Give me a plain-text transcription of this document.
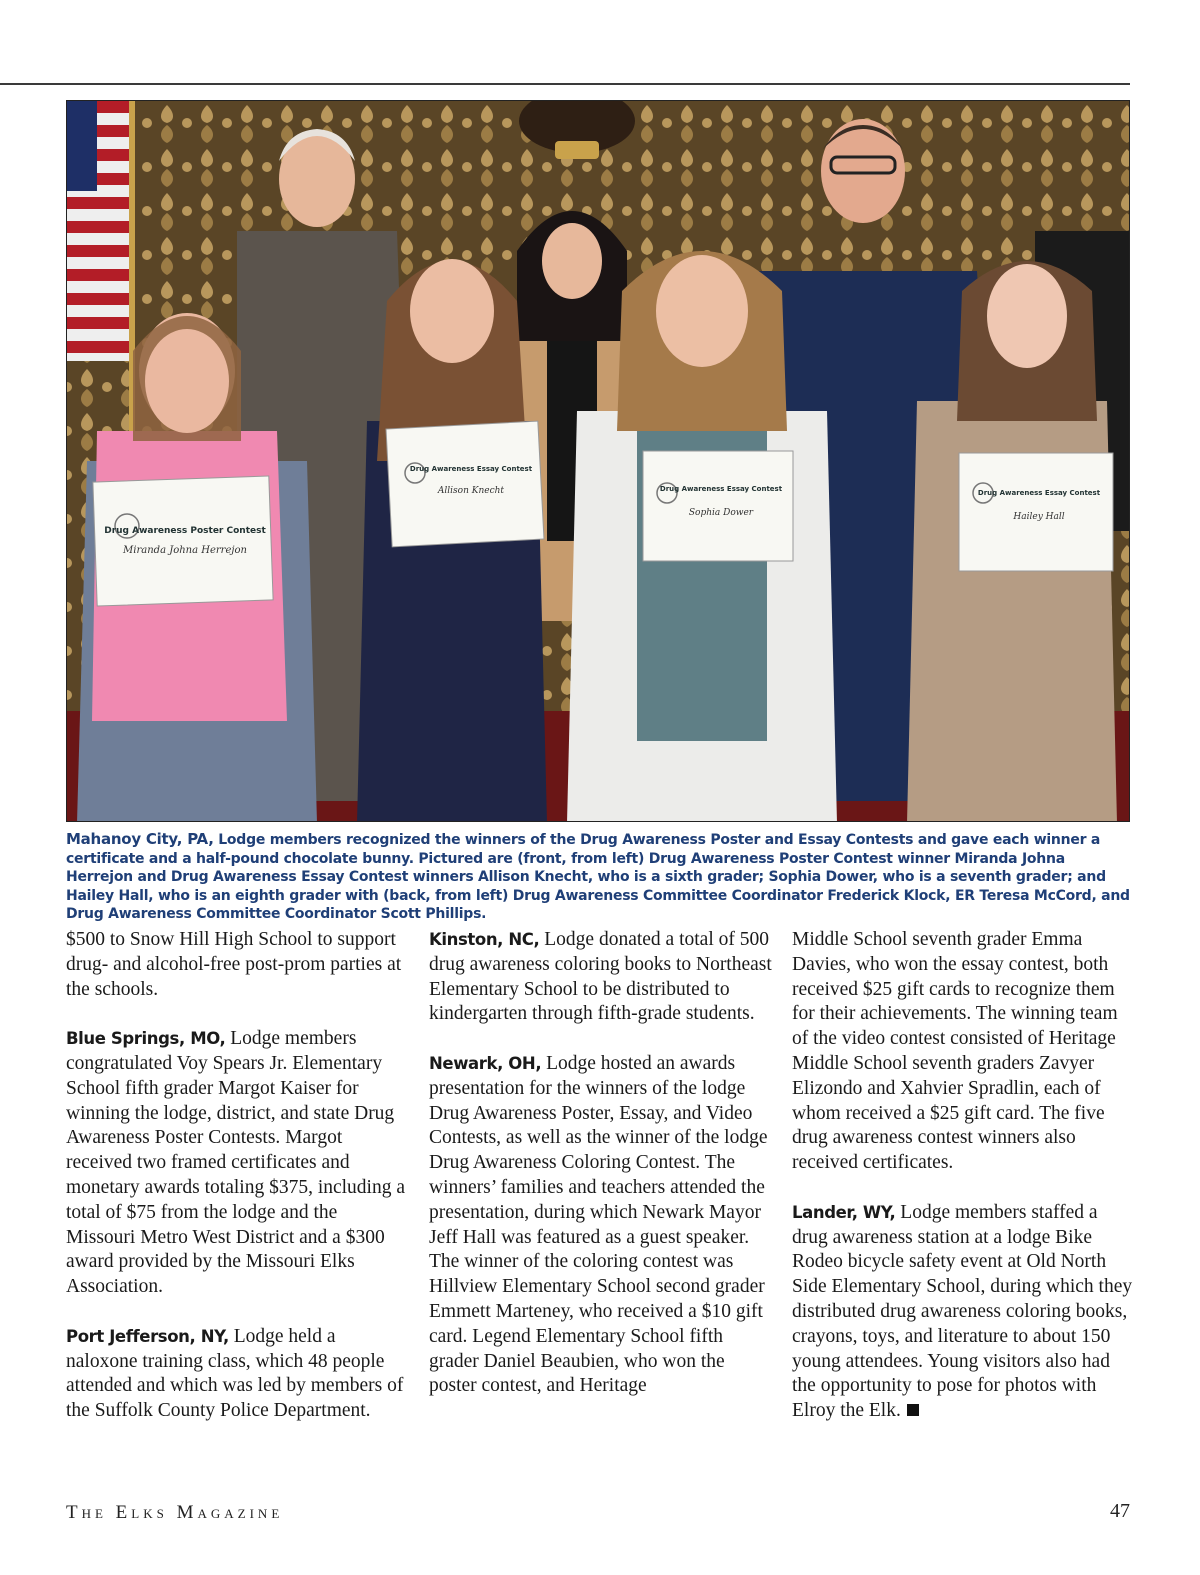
Drug Awareness Poster Contest
Miranda Johna Herrejon
Drug Awareness Essay Contest
Allison Knecht	Drug Awareness Essay Contest
Sophia Dower
Drug Awareness Essay Contest
Hailey Hall

Mahanoy City, PA, Lodge members recognized the winners of the Drug Awareness Poster and Essay Contests and gave each winner a certificate and a half-pound chocolate bunny. Pictured are (front, from left) Drug Awareness Poster Contest winner Miranda Johna Herrejon and Drug Awareness Essay Contest winners Allison Knecht, who is a sixth grader; Sophia Dower, who is a seventh grader; and Hailey Hall, who is an eighth grader with (back, from left) Drug Awareness Committee Coordinator Frederick Klock, ER Teresa McCord, and Drug Awareness Committee Coordinator Scott Phillips.

$500 to Snow Hill High School to support drug- and alcohol-free post-prom parties at the schools.

Blue Springs, MO, Lodge members congratulated Voy Spears Jr. Elementary School fifth grader Margot Kaiser for winning the lodge, district, and state Drug Awareness Poster Contests. Margot received two framed certificates and monetary awards totaling $375, including a total of $75 from the lodge and the Missouri Metro West District and a $300 award provided by the Missouri Elks Association.

Port Jefferson, NY, Lodge held a naloxone training class, which 48 people attended and which was led by members of the Suffolk County Police Department.

Kinston, NC, Lodge donated a total of 500 drug awareness coloring books to Northeast Elementary School to be distributed to kindergarten through fifth-grade students.

Newark, OH, Lodge hosted an awards presentation for the winners of the lodge Drug Awareness Poster, Essay, and Video Contests, as well as the winner of the lodge Drug Awareness Coloring Contest. The winners’ families and teachers attended the presentation, during which Newark Mayor Jeff Hall was featured as a guest speaker. The winner of the coloring contest was Hillview Elementary School second grader Emmett Marteney, who received a $10 gift card. Legend Elementary School fifth grader Daniel Beaubien, who won the poster contest, and Heritage

Middle School seventh grader Emma Davies, who won the essay contest, both received $25 gift cards to recognize them for their achievements. The winning team of the video contest consisted of Heritage Middle School seventh graders Zavyer Elizondo and Xahvier Spradlin, each of whom received a $25 gift card. The five drug awareness contest winners also received certificates.

Lander, WY, Lodge members staffed a drug awareness station at a lodge Bike Rodeo bicycle safety event at Old North Side Elementary School, during which they distributed drug awareness coloring books, crayons, toys, and literature to about 150 young attendees. Young visitors also had the opportunity to pose for photos with Elroy the Elk.

The Elks Magazine	47
